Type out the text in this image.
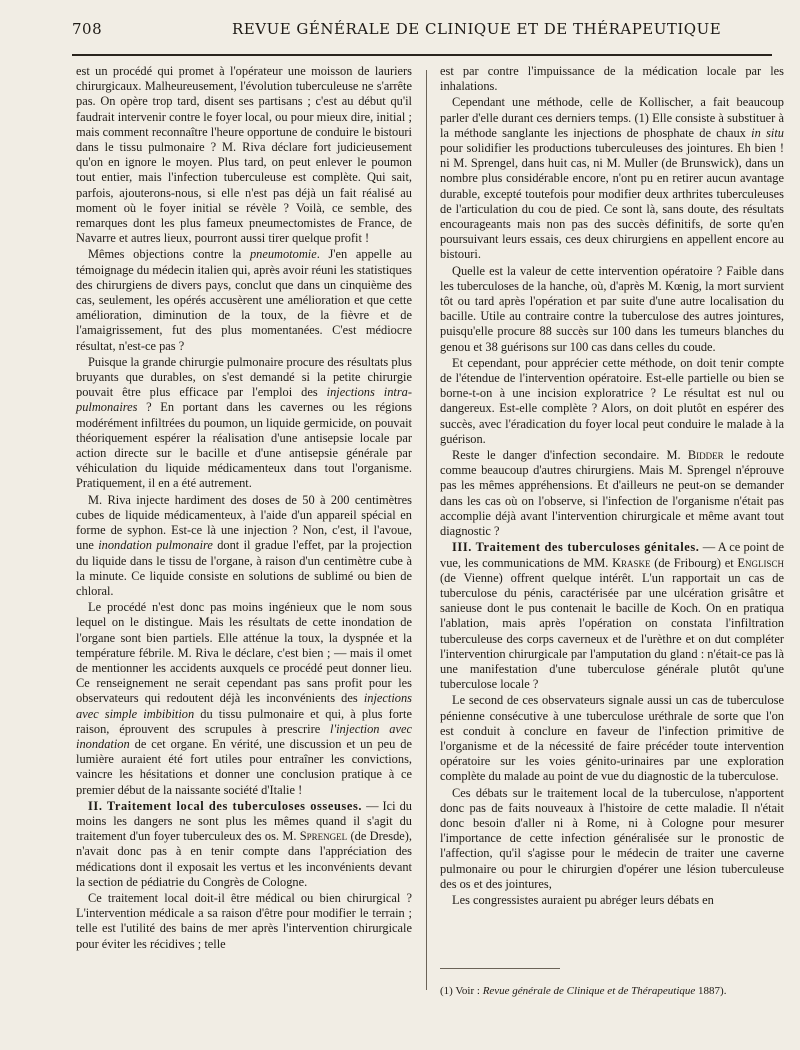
708	REVUE GÉNÉRALE DE CLINIQUE ET DE THÉRAPEUTIQUE

est un procédé qui promet à l'opérateur une moisson de lauriers chirurgicaux. Malheureusement, l'évolution tuberculeuse ne s'arrête pas. On opère trop tard, disent ses partisans ; c'est au début qu'il faudrait intervenir contre le foyer local, ou pour mieux dire, initial ; mais comment reconnaître l'heure opportune de conduire le bistouri dans le tissu pulmonaire ? M. Riva déclare fort judicieusement qu'on en ignore le moyen. Plus tard, on peut enlever le poumon tout entier, mais l'infection tuberculeuse est complète. Qui sait, parfois, ajouterons-nous, si elle n'est pas déjà un fait réalisé au moment où le foyer initial se révèle ? Voilà, ce semble, des remarques dont les plus fameux pneumectomistes de France, de Navarre et autres lieux, pourront aussi tirer quelque profit !

Mêmes objections contre la pneumotomie. J'en appelle au témoignage du médecin italien qui, après avoir réuni les statistiques des chirurgiens de divers pays, conclut que dans un cinquième des cas, seulement, les opérés accusèrent une amélioration et que cette amélioration, diminution de la toux, de la fièvre et de l'amaigrissement, fut des plus momentanées. C'est médiocre résultat, n'est-ce pas ?

Puisque la grande chirurgie pulmonaire procure des résultats plus bruyants que durables, on s'est demandé si la petite chirurgie pouvait être plus efficace par l'emploi des injections intra-pulmonaires ? En portant dans les cavernes ou les régions modérément infiltrées du poumon, un liquide germicide, on pouvait théoriquement espérer la réalisation d'une antisepsie locale par action directe sur le bacille et d'une antisepsie générale par véhiculation du liquide médicamenteux dans tout l'organisme. Pratiquement, il en a été autrement.

M. Riva injecte hardiment des doses de 50 à 200 centimètres cubes de liquide médicamenteux, à l'aide d'un appareil spécial en forme de syphon. Est-ce là une injection ? Non, c'est, il l'avoue, une inondation pulmonaire dont il gradue l'effet, par la projection du liquide dans le tissu de l'organe, à raison d'un centimètre cube à la minute. Ce liquide consiste en solutions de sublimé ou bien de chloral.

Le procédé n'est donc pas moins ingénieux que le nom sous lequel on le distingue. Mais les résultats de cette inondation de l'organe sont bien partiels. Elle atténue la toux, la dyspnée et la température fébrile. M. Riva le déclare, c'est bien ; — mais il omet de mentionner les accidents auxquels ce procédé peut donner lieu. Ce renseignement ne serait cependant pas sans profit pour les observateurs qui redoutent déjà les inconvénients des injections avec simple imbibition du tissu pulmonaire et qui, à plus forte raison, éprouvent des scrupules à prescrire l'injection avec inondation de cet organe. En vérité, une discussion et un peu de lumière auraient été fort utiles pour entraîner les convictions, vaincre les hésitations et donner une conclusion pratique à ce premier début de la naissante société d'Italie !

II. Traitement local des tuberculoses osseuses. — Ici du moins les dangers ne sont plus les mêmes quand il s'agit du traitement d'un foyer tuberculeux des os. M. Sprengel (de Dresde), n'avait donc pas à en tenir compte dans l'appréciation des médications dont il exposait les vertus et les inconvénients devant la section de pédiatrie du Congrès de Cologne.

Ce traitement local doit-il être médical ou bien chirurgical ? L'intervention médicale a sa raison d'être pour modifier le terrain ; telle est l'utilité des bains de mer après l'intervention chirurgicale pour éviter les récidives ; telle

est par contre l'impuissance de la médication locale par les inhalations.

Cependant une méthode, celle de Kollischer, a fait beaucoup parler d'elle durant ces derniers temps. (1) Elle consiste à substituer à la méthode sanglante les injections de phosphate de chaux in situ pour solidifier les productions tuberculeuses des jointures. Eh bien ! ni M. Sprengel, dans huit cas, ni M. Muller (de Brunswick), dans un nombre plus considérable encore, n'ont pu en retirer aucun avantage durable, excepté toutefois pour modifier deux arthrites tuberculeuses de l'articulation du cou de pied. Ce sont là, sans doute, des résultats encourageants mais non pas des succès définitifs, de sorte qu'en poursuivant leurs essais, ces deux chirurgiens en appellent encore au bistouri.

Quelle est la valeur de cette intervention opératoire ? Faible dans les tuberculoses de la hanche, où, d'après M. Kœnig, la mort survient tôt ou tard après l'opération et par suite d'une autre localisation du bacille. Utile au contraire contre la tuberculose des autres jointures, puisqu'elle procure 88 succès sur 100 dans les tumeurs blanches du genou et 38 guérisons sur 100 cas dans celles du coude.

Et cependant, pour apprécier cette méthode, on doit tenir compte de l'étendue de l'intervention opératoire. Est-elle partielle ou bien se borne-t-on à une incision exploratrice ? Le résultat est nul ou dangereux. Est-elle complète ? Alors, on doit plutôt en espérer des succès, avec l'éradication du foyer local peut conduire le malade à la guérison.

Reste le danger d'infection secondaire. M. Bidder le redoute comme beaucoup d'autres chirurgiens. Mais M. Sprengel n'éprouve pas les mêmes appréhensions. Et d'ailleurs ne peut-on se demander dans les cas où on l'observe, si l'infection de l'organisme n'était pas accomplie déjà avant l'intervention chirurgicale et même avant tout diagnostic ?

III. Traitement des tuberculoses génitales. — A ce point de vue, les communications de MM. Kraske (de Fribourg) et Englisch (de Vienne) offrent quelque intérêt. L'un rapportait un cas de tuberculose du pénis, caractérisée par une ulcération grisâtre et sanieuse dont le pus contenait le bacille de Koch. On en pratiqua l'ablation, mais après l'opération on constata l'infiltration tuberculeuse des corps caverneux et de l'urèthre et on dut compléter l'intervention chirurgicale par l'amputation du gland : n'était-ce pas là une manifestation d'une tuberculose générale plutôt qu'une tuberculose locale ?

Le second de ces observateurs signale aussi un cas de tuberculose pénienne consécutive à une tuberculose uréthrale de sorte que l'on est conduit à conclure en faveur de l'infection primitive de l'organisme et de la nécessité de faire précéder toute intervention opératoire sur les voies génito-urinaires par une exploration complète du malade au point de vue du diagnostic de la tuberculose.

Ces débats sur le traitement local de la tuberculose, n'apportent donc pas de faits nouveaux à l'histoire de cette maladie. Il n'était donc besoin d'aller ni à Rome, ni à Cologne pour mesurer l'importance de cette infection généralisée sur le pronostic de l'affection, qu'il s'agisse pour le médecin de traiter une caverne pulmonaire ou pour le chirurgien d'opérer une lésion tuberculeuse des os et des jointures,

Les congressistes auraient pu abréger leurs débats en

(1) Voir : Revue générale de Clinique et de Thérapeutique 1887).
